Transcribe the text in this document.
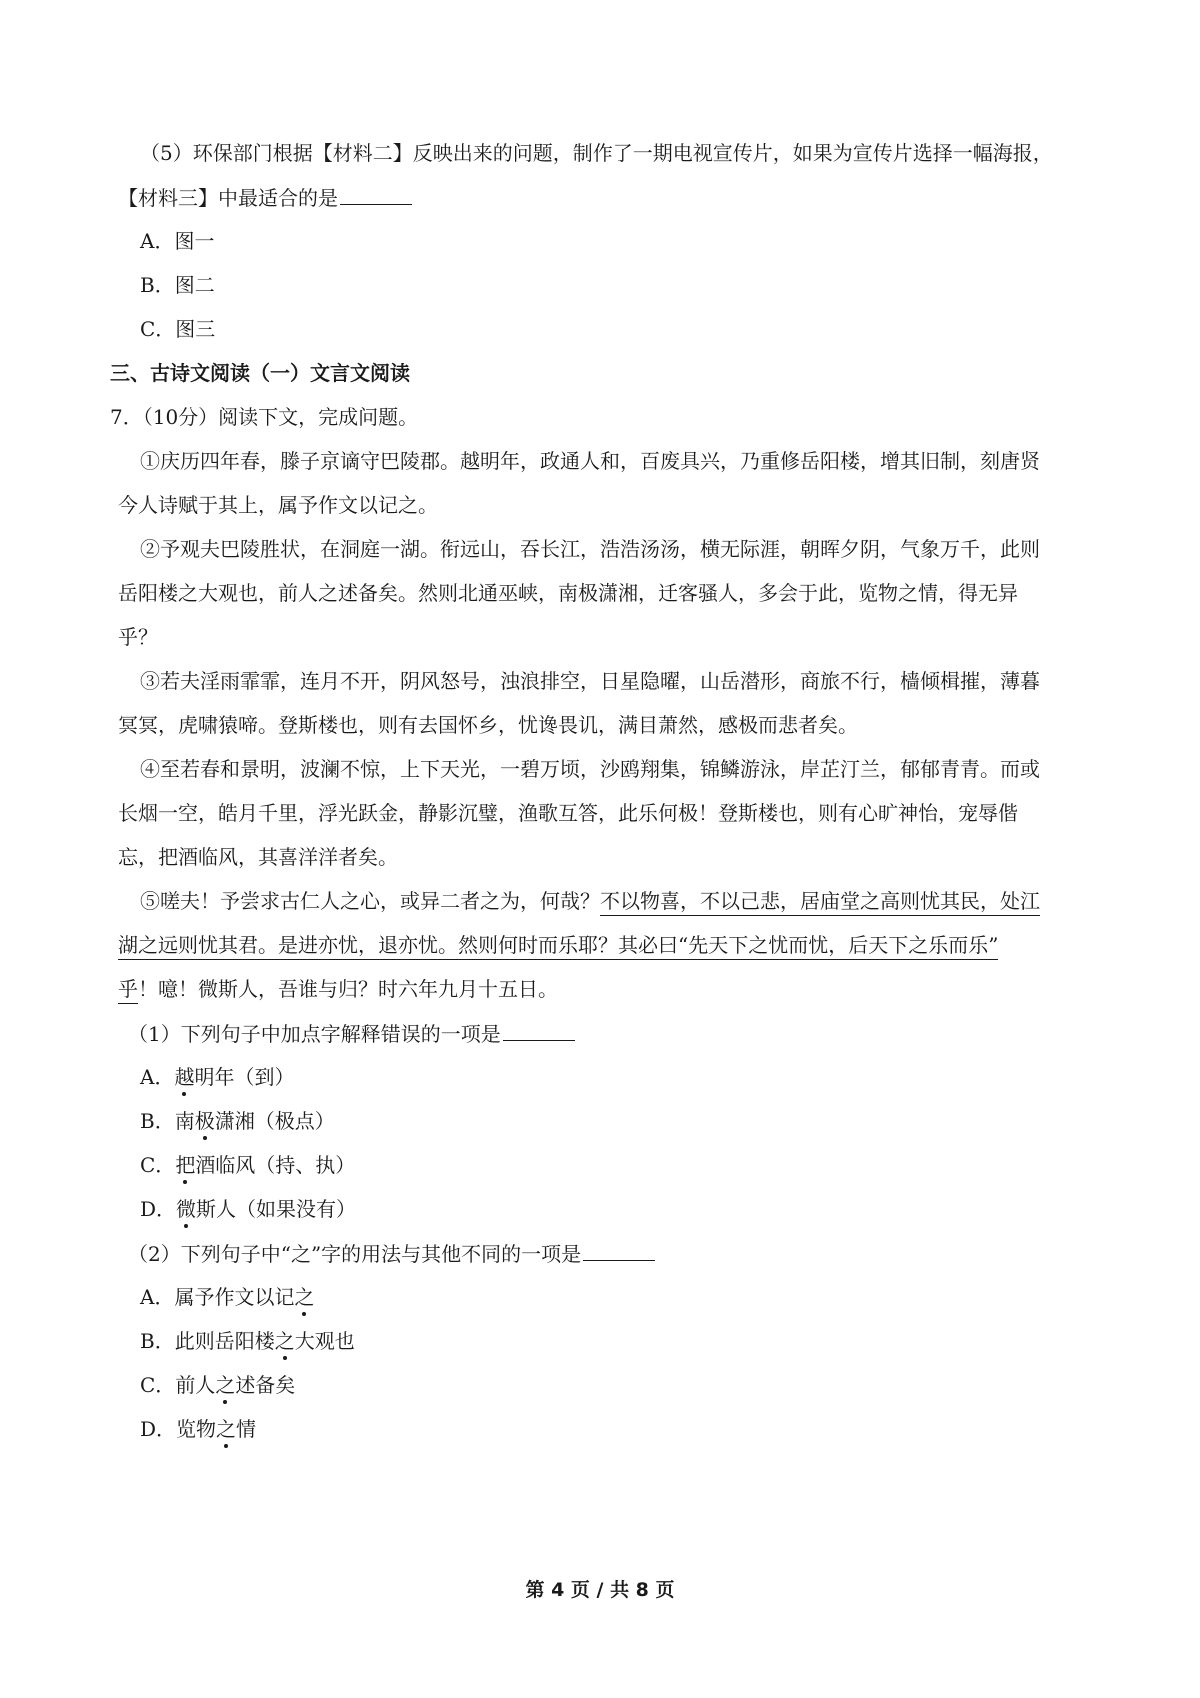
（5）环保部门根据【材料二】反映出来的问题，制作了一期电视宣传片，如果为宣传片选择一幅海报，
【材料三】中最适合的是
A．图一
B．图二
C．图三
三、古诗文阅读（一）文言文阅读
7．（10分）阅读下文，完成问题。
①庆历四年春，滕子京谪守巴陵郡。越明年，政通人和，百废具兴，乃重修岳阳楼，增其旧制，刻唐贤
今人诗赋于其上，属予作文以记之。
②予观夫巴陵胜状，在洞庭一湖。衔远山，吞长江，浩浩汤汤，横无际涯，朝晖夕阴，气象万千，此则
岳阳楼之大观也，前人之述备矣。然则北通巫峡，南极潇湘，迁客骚人，多会于此，览物之情，得无异
乎？
③若夫淫雨霏霏，连月不开，阴风怒号，浊浪排空，日星隐曜，山岳潜形，商旅不行，樯倾楫摧，薄暮
冥冥，虎啸猿啼。登斯楼也，则有去国怀乡，忧谗畏讥，满目萧然，感极而悲者矣。
④至若春和景明，波澜不惊，上下天光，一碧万顷，沙鸥翔集，锦鳞游泳，岸芷汀兰，郁郁青青。而或
长烟一空，皓月千里，浮光跃金，静影沉璧，渔歌互答，此乐何极！登斯楼也，则有心旷神怡，宠辱偕
忘，把酒临风，其喜洋洋者矣。
⑤嗟夫！予尝求古仁人之心，或异二者之为，何哉？不以物喜，不以己悲，居庙堂之高则忧其民，处江
湖之远则忧其君。是进亦忧，退亦忧。然则何时而乐耶？其必曰“先天下之忧而忧，后天下之乐而乐”
乎！噫！微斯人，吾谁与归？时六年九月十五日。
（1）下列句子中加点字解释错误的一项是
A．越明年（到）
B．南极潇湘（极点）
C．把酒临风（持、执）
D．微斯人（如果没有）
（2）下列句子中“之”字的用法与其他不同的一项是
A．属予作文以记之
B．此则岳阳楼之大观也
C．前人之述备矣
D．览物之情
第 4 页 / 共 8 页
